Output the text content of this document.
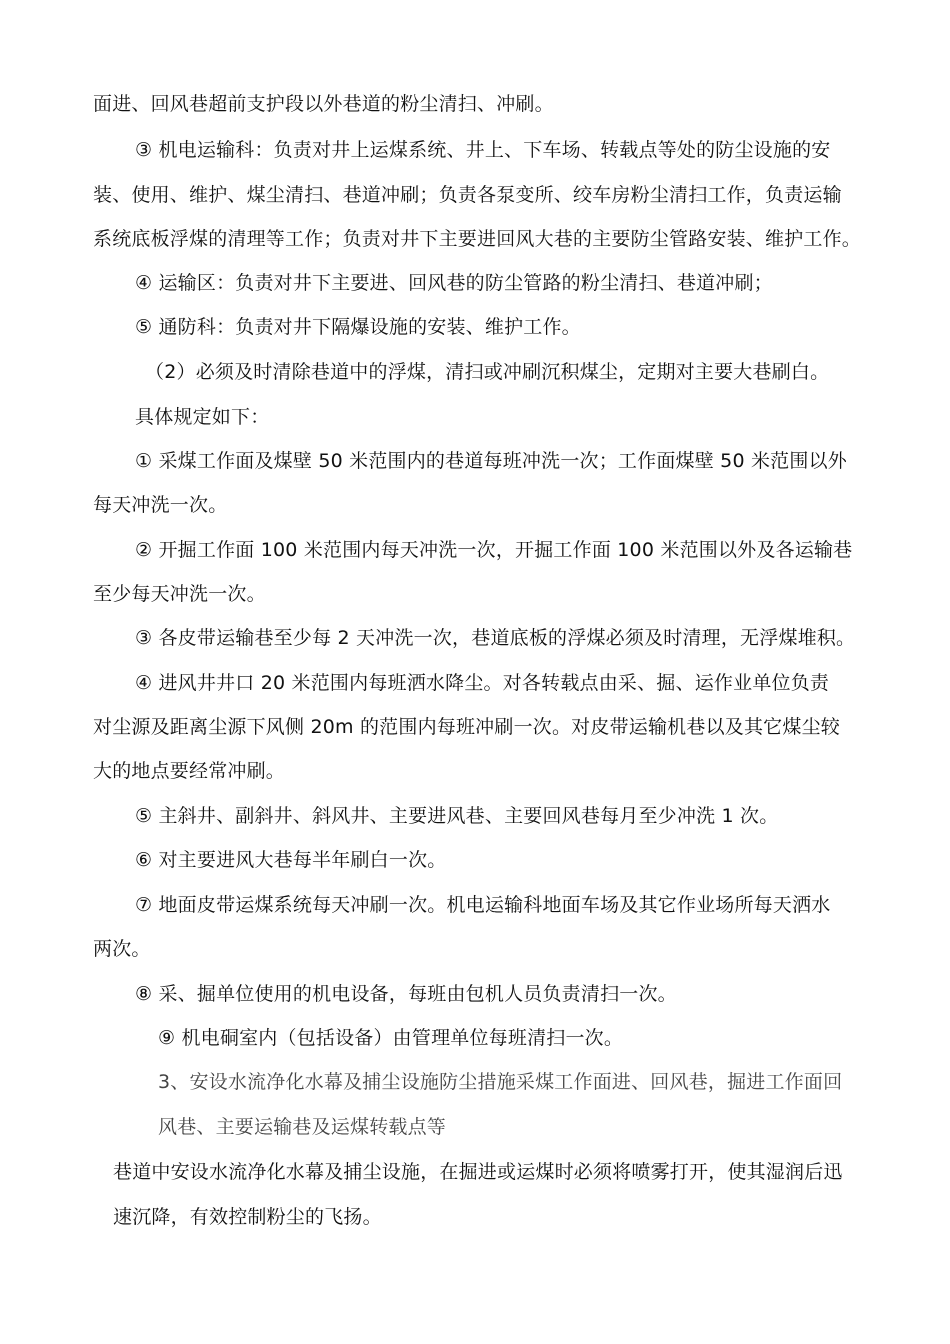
面进、回风巷超前支护段以外巷道的粉尘清扫、冲刷。
③ 机电运输科：负责对井上运煤系统、井上、下车场、转载点等处的防尘设施的安
装、使用、维护、煤尘清扫、巷道冲刷；负责各泵变所、绞车房粉尘清扫工作，负责运输
系统底板浮煤的清理等工作；负责对井下主要进回风大巷的主要防尘管路安装、维护工作。
④ 运输区：负责对井下主要进、回风巷的防尘管路的粉尘清扫、巷道冲刷；
⑤ 通防科：负责对井下隔爆设施的安装、维护工作。
（2）必须及时清除巷道中的浮煤，清扫或冲刷沉积煤尘，定期对主要大巷刷白。
具体规定如下：
① 采煤工作面及煤壁 50 米范围内的巷道每班冲洗一次；工作面煤壁 50 米范围以外
每天冲洗一次。
② 开掘工作面 100 米范围内每天冲洗一次，开掘工作面 100 米范围以外及各运输巷
至少每天冲洗一次。
③ 各皮带运输巷至少每 2 天冲洗一次，巷道底板的浮煤必须及时清理，无浮煤堆积。
④ 进风井井口 20 米范围内每班洒水降尘。对各转载点由采、掘、运作业单位负责
对尘源及距离尘源下风侧 20m 的范围内每班冲刷一次。对皮带运输机巷以及其它煤尘较
大的地点要经常冲刷。
⑤ 主斜井、副斜井、斜风井、主要进风巷、主要回风巷每月至少冲洗 1 次。
⑥ 对主要进风大巷每半年刷白一次。
⑦ 地面皮带运煤系统每天冲刷一次。机电运输科地面车场及其它作业场所每天洒水
两次。
⑧ 采、掘单位使用的机电设备，每班由包机人员负责清扫一次。
⑨ 机电硐室内（包括设备）由管理单位每班清扫一次。
3、安设水流净化水幕及捕尘设施防尘措施采煤工作面进、回风巷，掘进工作面回
风巷、主要运输巷及运煤转载点等
巷道中安设水流净化水幕及捕尘设施，在掘进或运煤时必须将喷雾打开，使其湿润后迅
速沉降，有效控制粉尘的飞扬。
